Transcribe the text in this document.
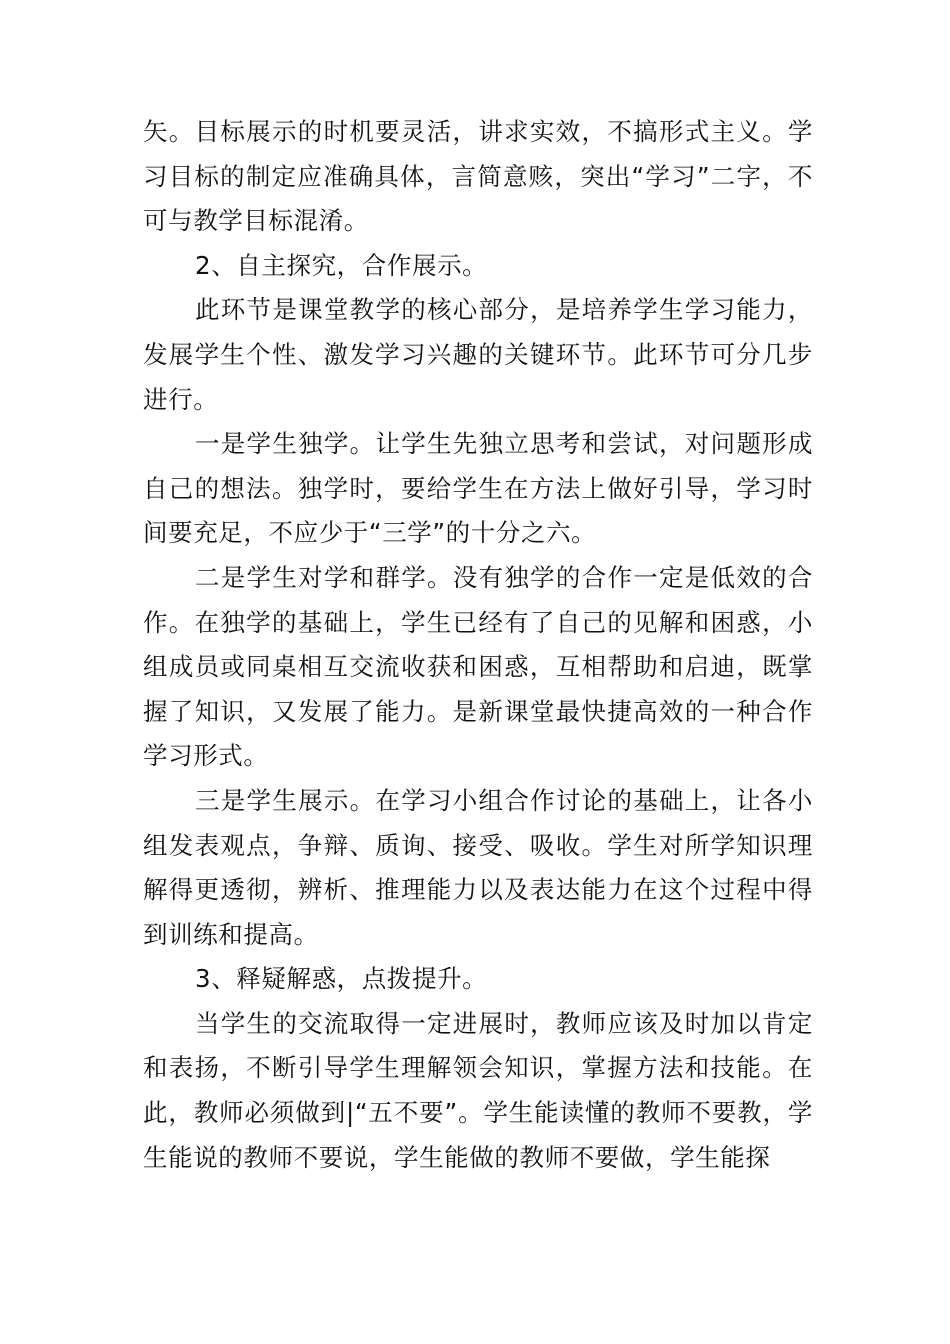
矢。目标展示的时机要灵活，讲求实效，不搞形式主义。学习目标的制定应准确具体，言简意赅，突出“学习”二字，不可与教学目标混淆。

2、自主探究，合作展示。

此环节是课堂教学的核心部分，是培养学生学习能力，发展学生个性、激发学习兴趣的关键环节。此环节可分几步进行。

一是学生独学。让学生先独立思考和尝试，对问题形成自己的想法。独学时，要给学生在方法上做好引导，学习时间要充足，不应少于“三学”的十分之六。

二是学生对学和群学。没有独学的合作一定是低效的合作。在独学的基础上，学生已经有了自己的见解和困惑，小组成员或同桌相互交流收获和困惑，互相帮助和启迪，既掌握了知识，又发展了能力。是新课堂最快捷高效的一种合作学习形式。

三是学生展示。在学习小组合作讨论的基础上，让各小组发表观点，争辩、质询、接受、吸收。学生对所学知识理解得更透彻，辨析、推理能力以及表达能力在这个过程中得到训练和提高。

3、释疑解惑，点拨提升。

当学生的交流取得一定进展时，教师应该及时加以肯定和表扬，不断引导学生理解领会知识，掌握方法和技能。在此，教师必须做到|“五不要”。学生能读懂的教师不要教，学生能说的教师不要说，学生能做的教师不要做，学生能探
